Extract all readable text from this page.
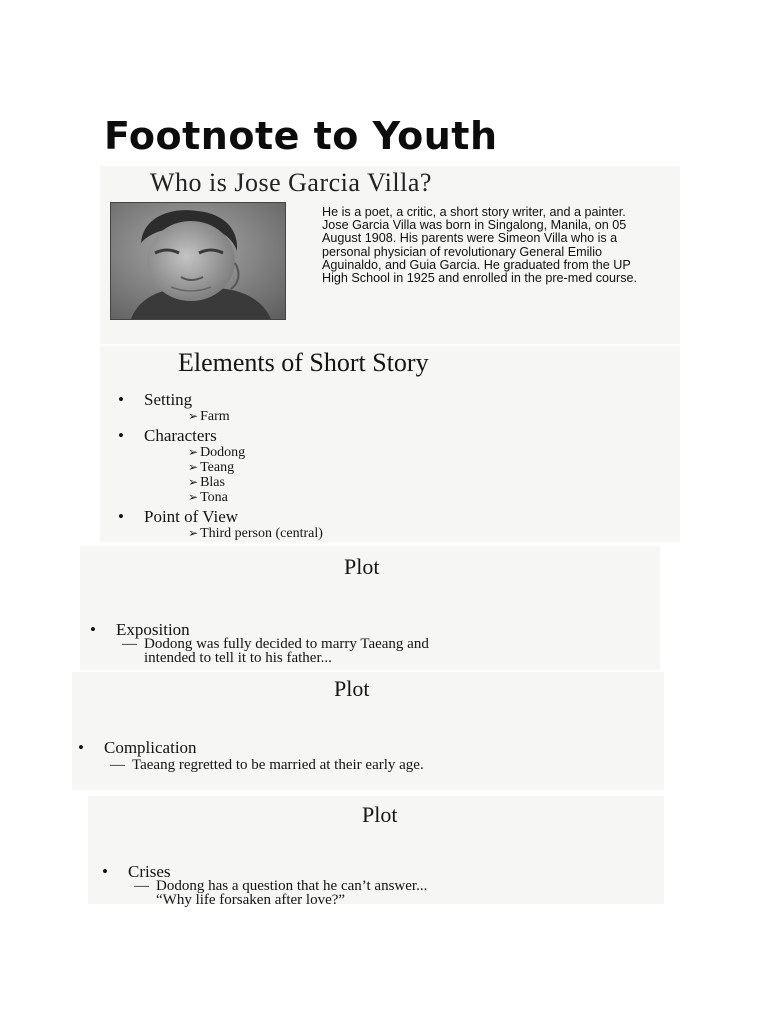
Footnote to Youth
Who is Jose Garcia Villa?
He is a poet, a critic, a short story writer, and a painter. Jose Garcia Villa was born in Singalong, Manila, on 05 August 1908. His parents were Simeon Villa who is a personal physician of revolutionary General Emilio Aguinaldo, and Guia Garcia. He graduated from the UP High School in 1925 and enrolled in the pre-med course.
Elements of Short Story
• Setting
➢ Farm
• Characters
➢ Dodong
➢ Teang
➢ Blas
➢ Tona
• Point of View
➢ Third person (central)
Plot
• Exposition
— Dodong was fully decided to marry Taeang and
intended to tell it to his father...
Plot
• Complication
— Taeang regretted to be married at their early age.
Plot
• Crises
— Dodong has a question that he can’t answer...
“Why life forsaken after love?”
